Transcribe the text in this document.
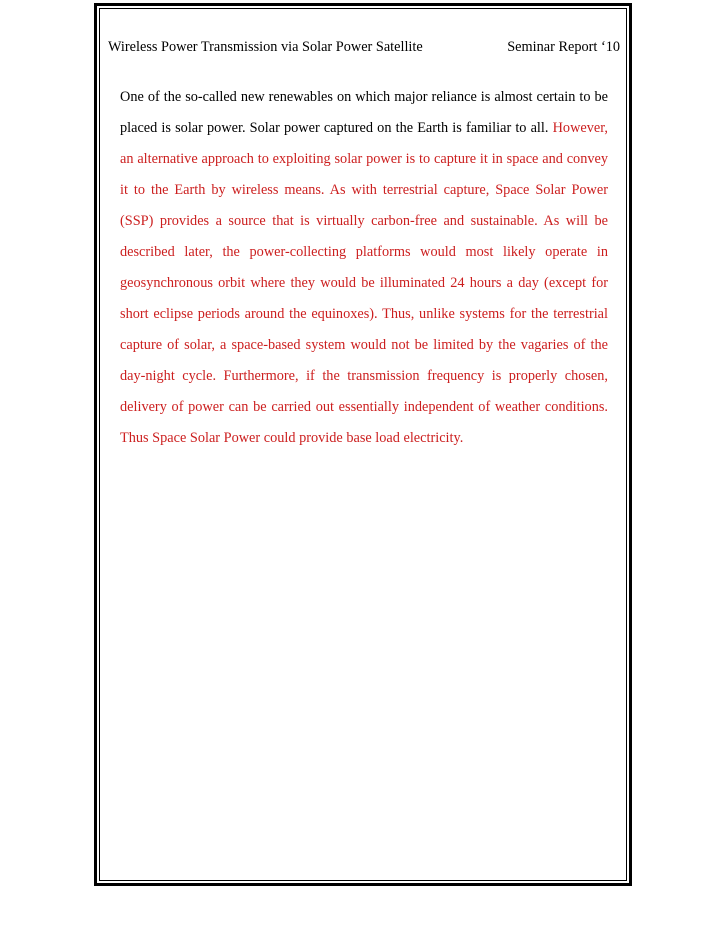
Wireless Power Transmission via Solar Power Satellite	Seminar Report ‘10

One of the so-called new renewables on which major reliance is almost certain to be placed is solar power. Solar power captured on the Earth is familiar to all. However, an alternative approach to exploiting solar power is to capture it in space and convey it to the Earth by wireless means. As with terrestrial capture, Space Solar Power (SSP) provides a source that is virtually carbon-free and sustainable. As will be described later, the power-collecting platforms would most likely operate in geosynchronous orbit where they would be illuminated 24 hours a day (except for short eclipse periods around the equinoxes). Thus, unlike systems for the terrestrial capture of solar, a space-based system would not be limited by the vagaries of the day-night cycle. Furthermore, if the transmission frequency is properly chosen, delivery of power can be carried out essentially independent of weather conditions. Thus Space Solar Power could provide base load electricity.
